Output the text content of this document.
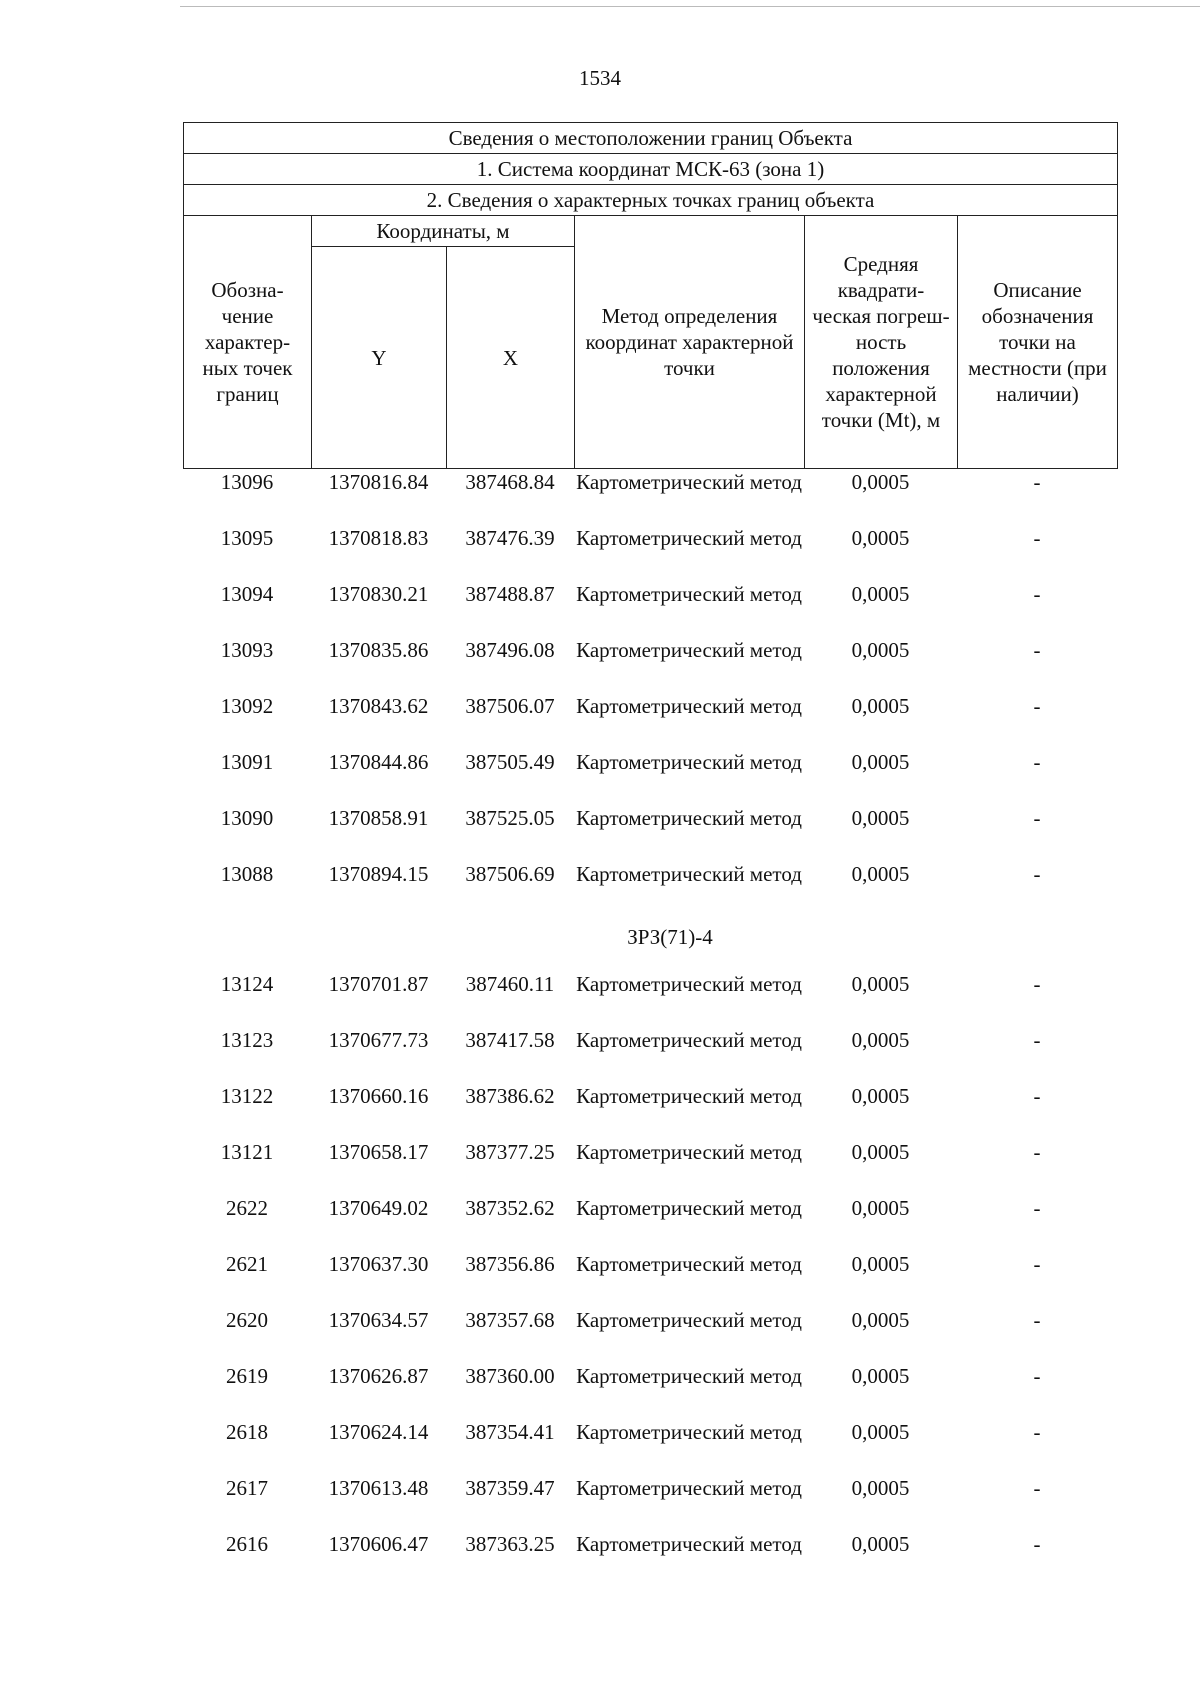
1534
Сведения о местоположении границ Объекта					
1. Система координат МСК-63 (зона 1)					
2. Сведения о характерных точках границ объекта					
Обозна-чение характер-ных точек границ	Координаты, м		Метод определения координат характерной точки	Средняя квадрати-ческая погреш-ность положения характерной точки (Mt), м	Описание обозначения точки на местности (при наличии)
	Y	X			
13096	1370816.84	387468.84	Картометрический метод	0,0005	-
13095	1370818.83	387476.39	Картометрический метод	0,0005	-
13094	1370830.21	387488.87	Картометрический метод	0,0005	-
13093	1370835.86	387496.08	Картометрический метод	0,0005	-
13092	1370843.62	387506.07	Картометрический метод	0,0005	-
13091	1370844.86	387505.49	Картометрический метод	0,0005	-
13090	1370858.91	387525.05	Картометрический метод	0,0005	-
13088	1370894.15	387506.69	Картометрический метод	0,0005	-
ЗРЗ(71)-4
13124	1370701.87	387460.11	Картометрический метод	0,0005	-
13123	1370677.73	387417.58	Картометрический метод	0,0005	-
13122	1370660.16	387386.62	Картометрический метод	0,0005	-
13121	1370658.17	387377.25	Картометрический метод	0,0005	-
2622	1370649.02	387352.62	Картометрический метод	0,0005	-
2621	1370637.30	387356.86	Картометрический метод	0,0005	-
2620	1370634.57	387357.68	Картометрический метод	0,0005	-
2619	1370626.87	387360.00	Картометрический метод	0,0005	-
2618	1370624.14	387354.41	Картометрический метод	0,0005	-
2617	1370613.48	387359.47	Картометрический метод	0,0005	-
2616	1370606.47	387363.25	Картометрический метод	0,0005	-
